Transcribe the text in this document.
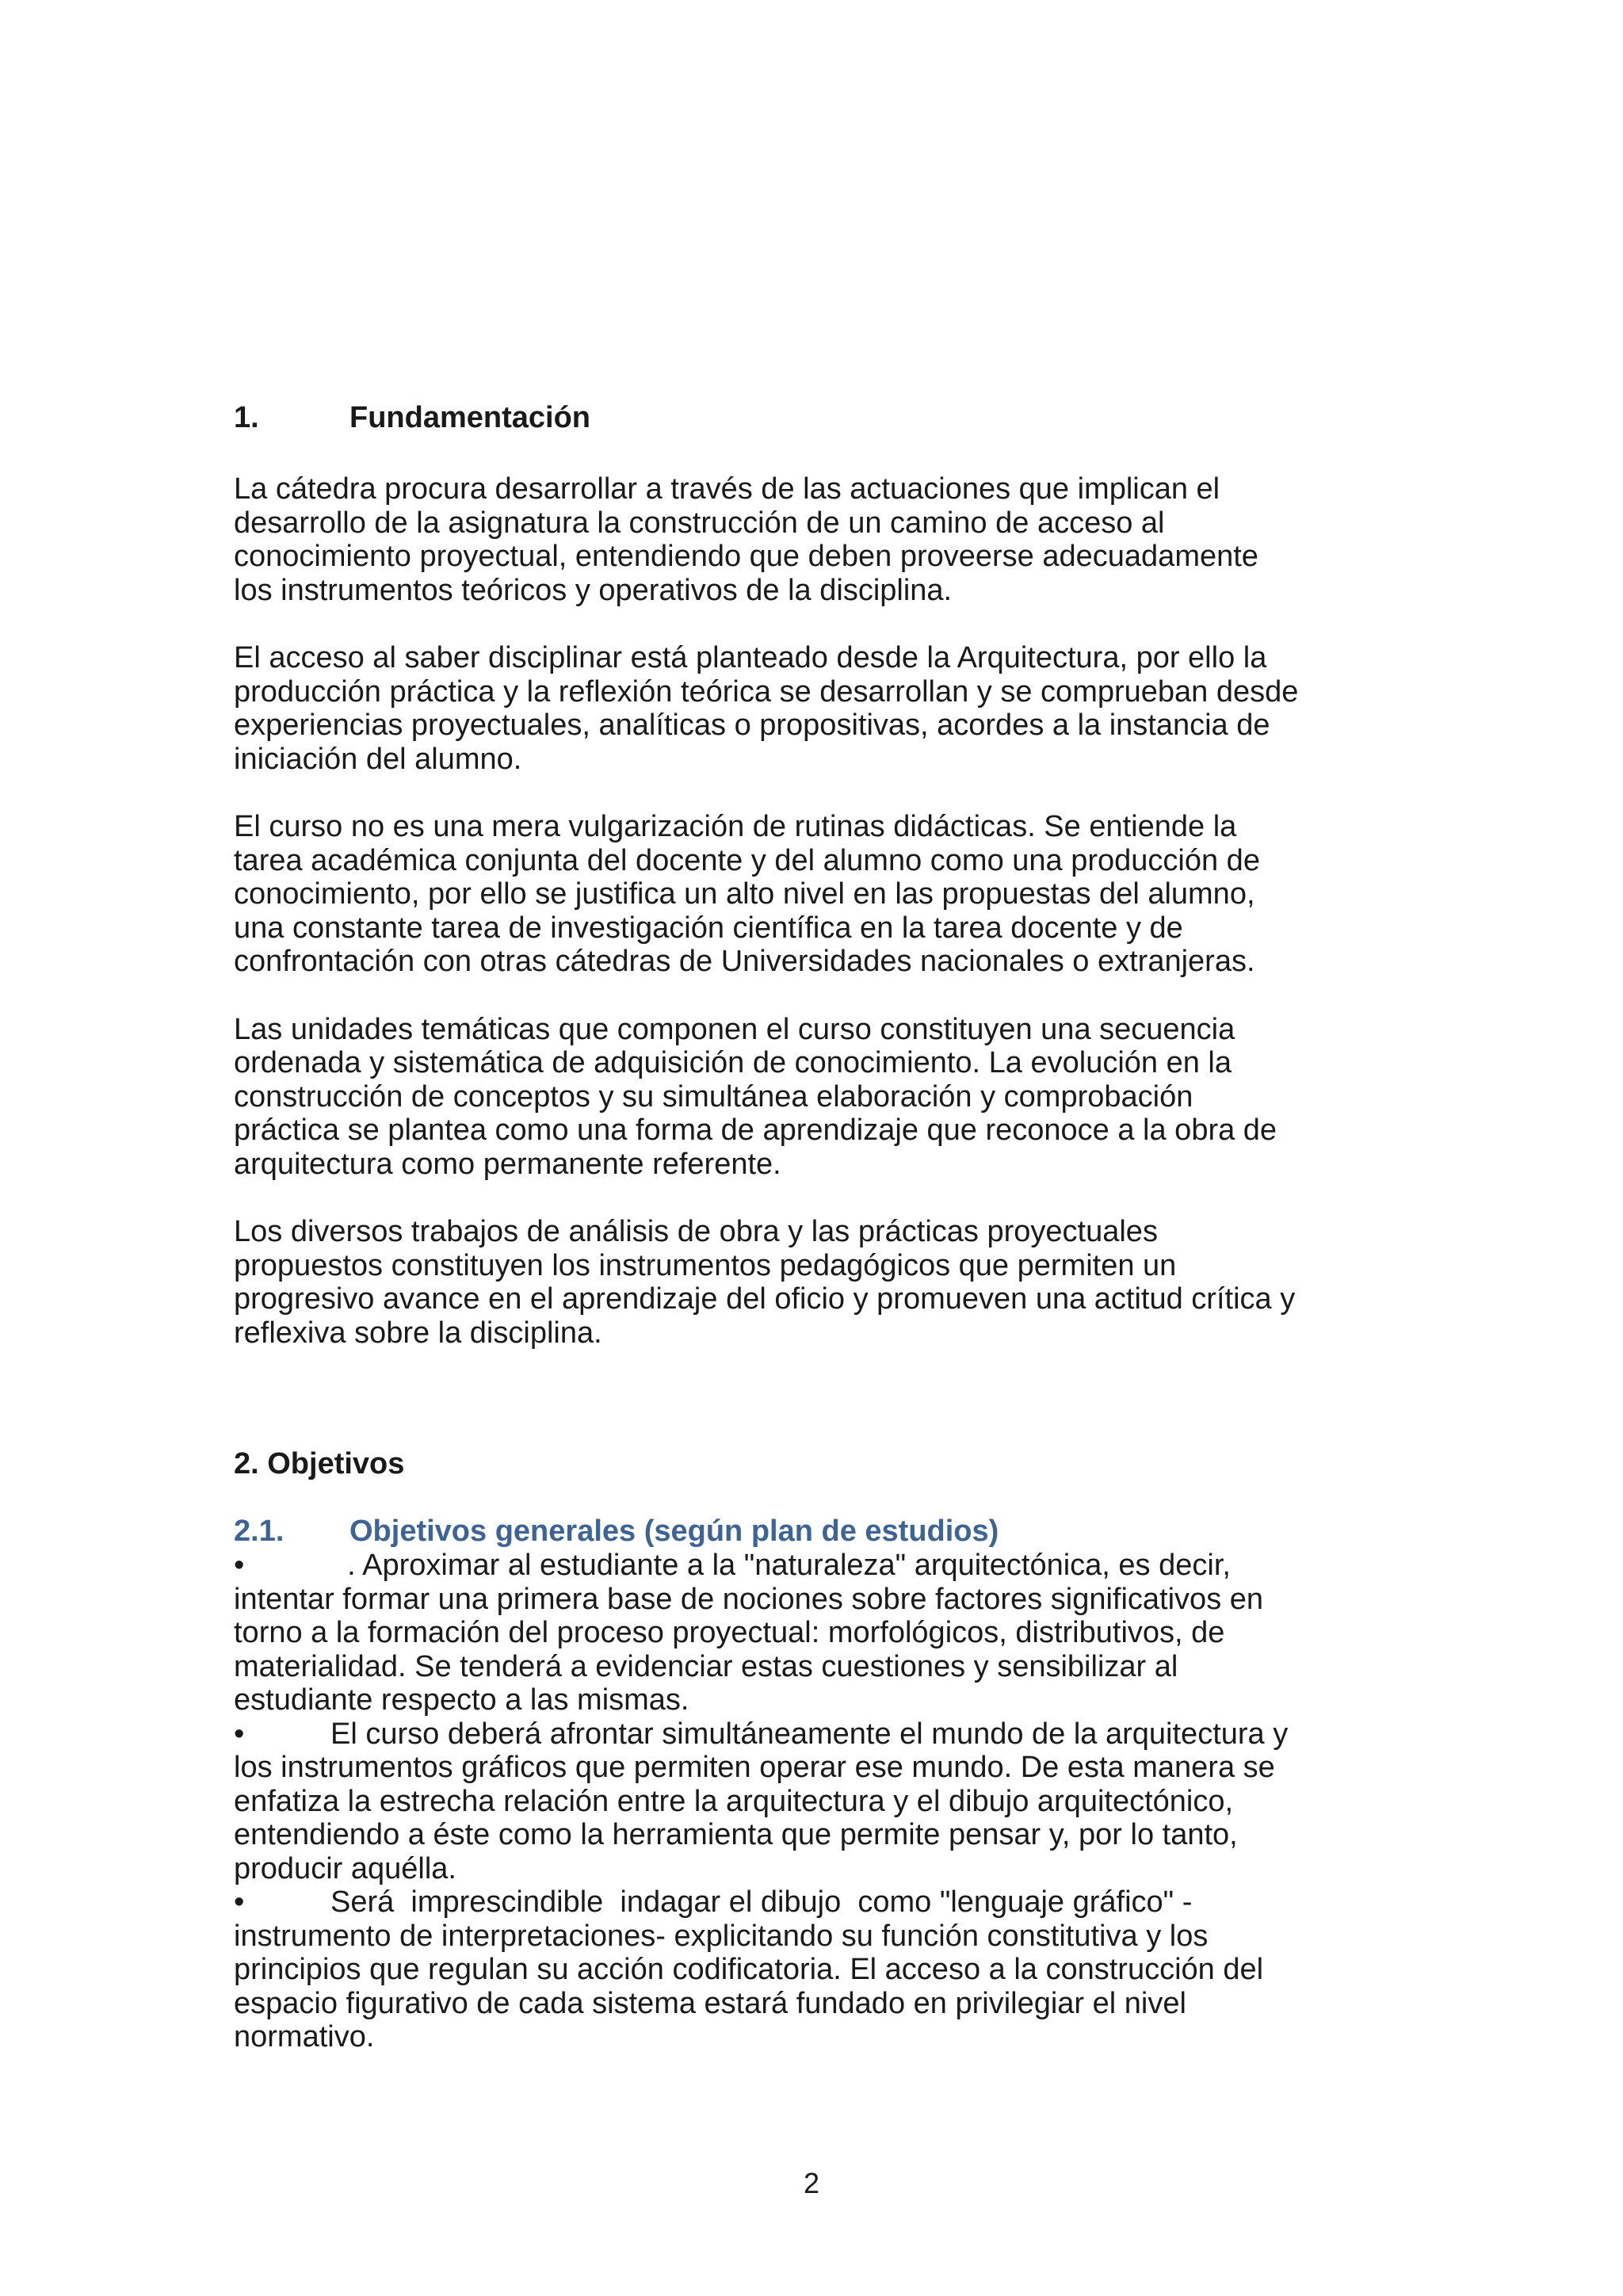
1.	Fundamentación

La cátedra procura desarrollar a través de las actuaciones que implican el
desarrollo de la asignatura la construcción de un camino de acceso al
conocimiento proyectual, entendiendo que deben proveerse adecuadamente
los instrumentos teóricos y operativos de la disciplina.

El acceso al saber disciplinar está planteado desde la Arquitectura, por ello la
producción práctica y la reflexión teórica se desarrollan y se comprueban desde
experiencias proyectuales, analíticas o propositivas, acordes a la instancia de
iniciación del alumno.

El curso no es una mera vulgarización de rutinas didácticas. Se entiende la
tarea académica conjunta del docente y del alumno como una producción de
conocimiento, por ello se justifica un alto nivel en las propuestas del alumno,
una constante tarea de investigación científica en la tarea docente y de
confrontación con otras cátedras de Universidades nacionales o extranjeras.

Las unidades temáticas que componen el curso constituyen una secuencia
ordenada y sistemática de adquisición de conocimiento. La evolución en la
construcción de conceptos y su simultánea elaboración y comprobación
práctica se plantea como una forma de aprendizaje que reconoce a la obra de
arquitectura como permanente referente.

Los diversos trabajos de análisis de obra y las prácticas proyectuales
propuestos constituyen los instrumentos pedagógicos que permiten un
progresivo avance en el aprendizaje del oficio y promueven una actitud crítica y
reflexiva sobre la disciplina.

2. Objetivos
2.1. Objetivos generales (según plan de estudios)

•	. Aproximar al estudiante a la "naturaleza" arquitectónica, es decir,
intentar formar una primera base de nociones sobre factores significativos en
torno a la formación del proceso proyectual: morfológicos, distributivos, de
materialidad. Se tenderá a evidenciar estas cuestiones y sensibilizar al
estudiante respecto a las mismas.

•	El curso deberá afrontar simultáneamente el mundo de la arquitectura y
los instrumentos gráficos que permiten operar ese mundo. De esta manera se
enfatiza la estrecha relación entre la arquitectura y el dibujo arquitectónico,
entendiendo a éste como la herramienta que permite pensar y, por lo tanto,
producir aquélla.

•	Será  imprescindible  indagar el dibujo  como "lenguaje gráfico" -
instrumento de interpretaciones- explicitando su función constitutiva y los
principios que regulan su acción codificatoria. El acceso a la construcción del
espacio figurativo de cada sistema estará fundado en privilegiar el nivel
normativo.

2
